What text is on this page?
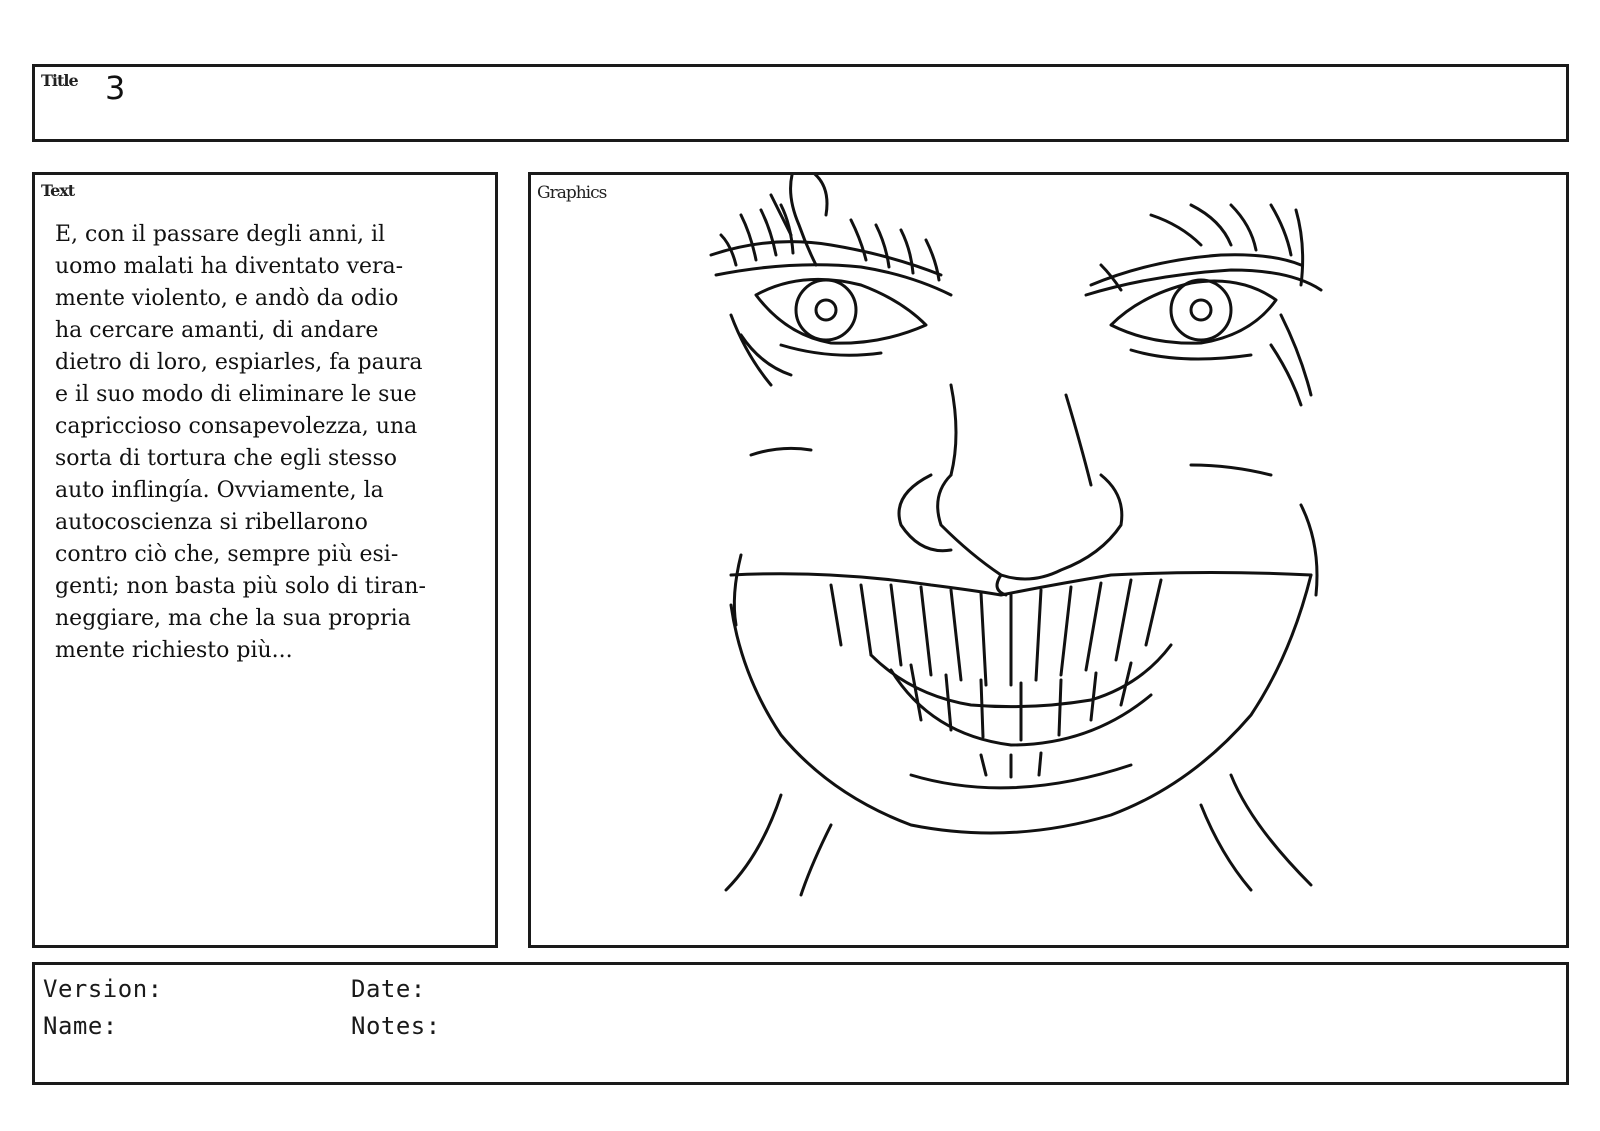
Title 3
Text
E, con il passare degli anni, il
uomo malati ha diventato vera-
mente violento, e andò da odio
ha cercare amanti, di andare
dietro di loro, espiarles, fa paura
e il suo modo di eliminare le sue
capriccioso consapevolezza, una
sorta di tortura che egli stesso
auto inflingía. Ovviamente, la
autocoscienza si ribellarono
contro ciò che, sempre più esi-
genti; non basta più solo di tiran-
neggiare, ma che la sua propria
mente richiesto più...
Graphics
Version:
Name:
Date:
Notes:
